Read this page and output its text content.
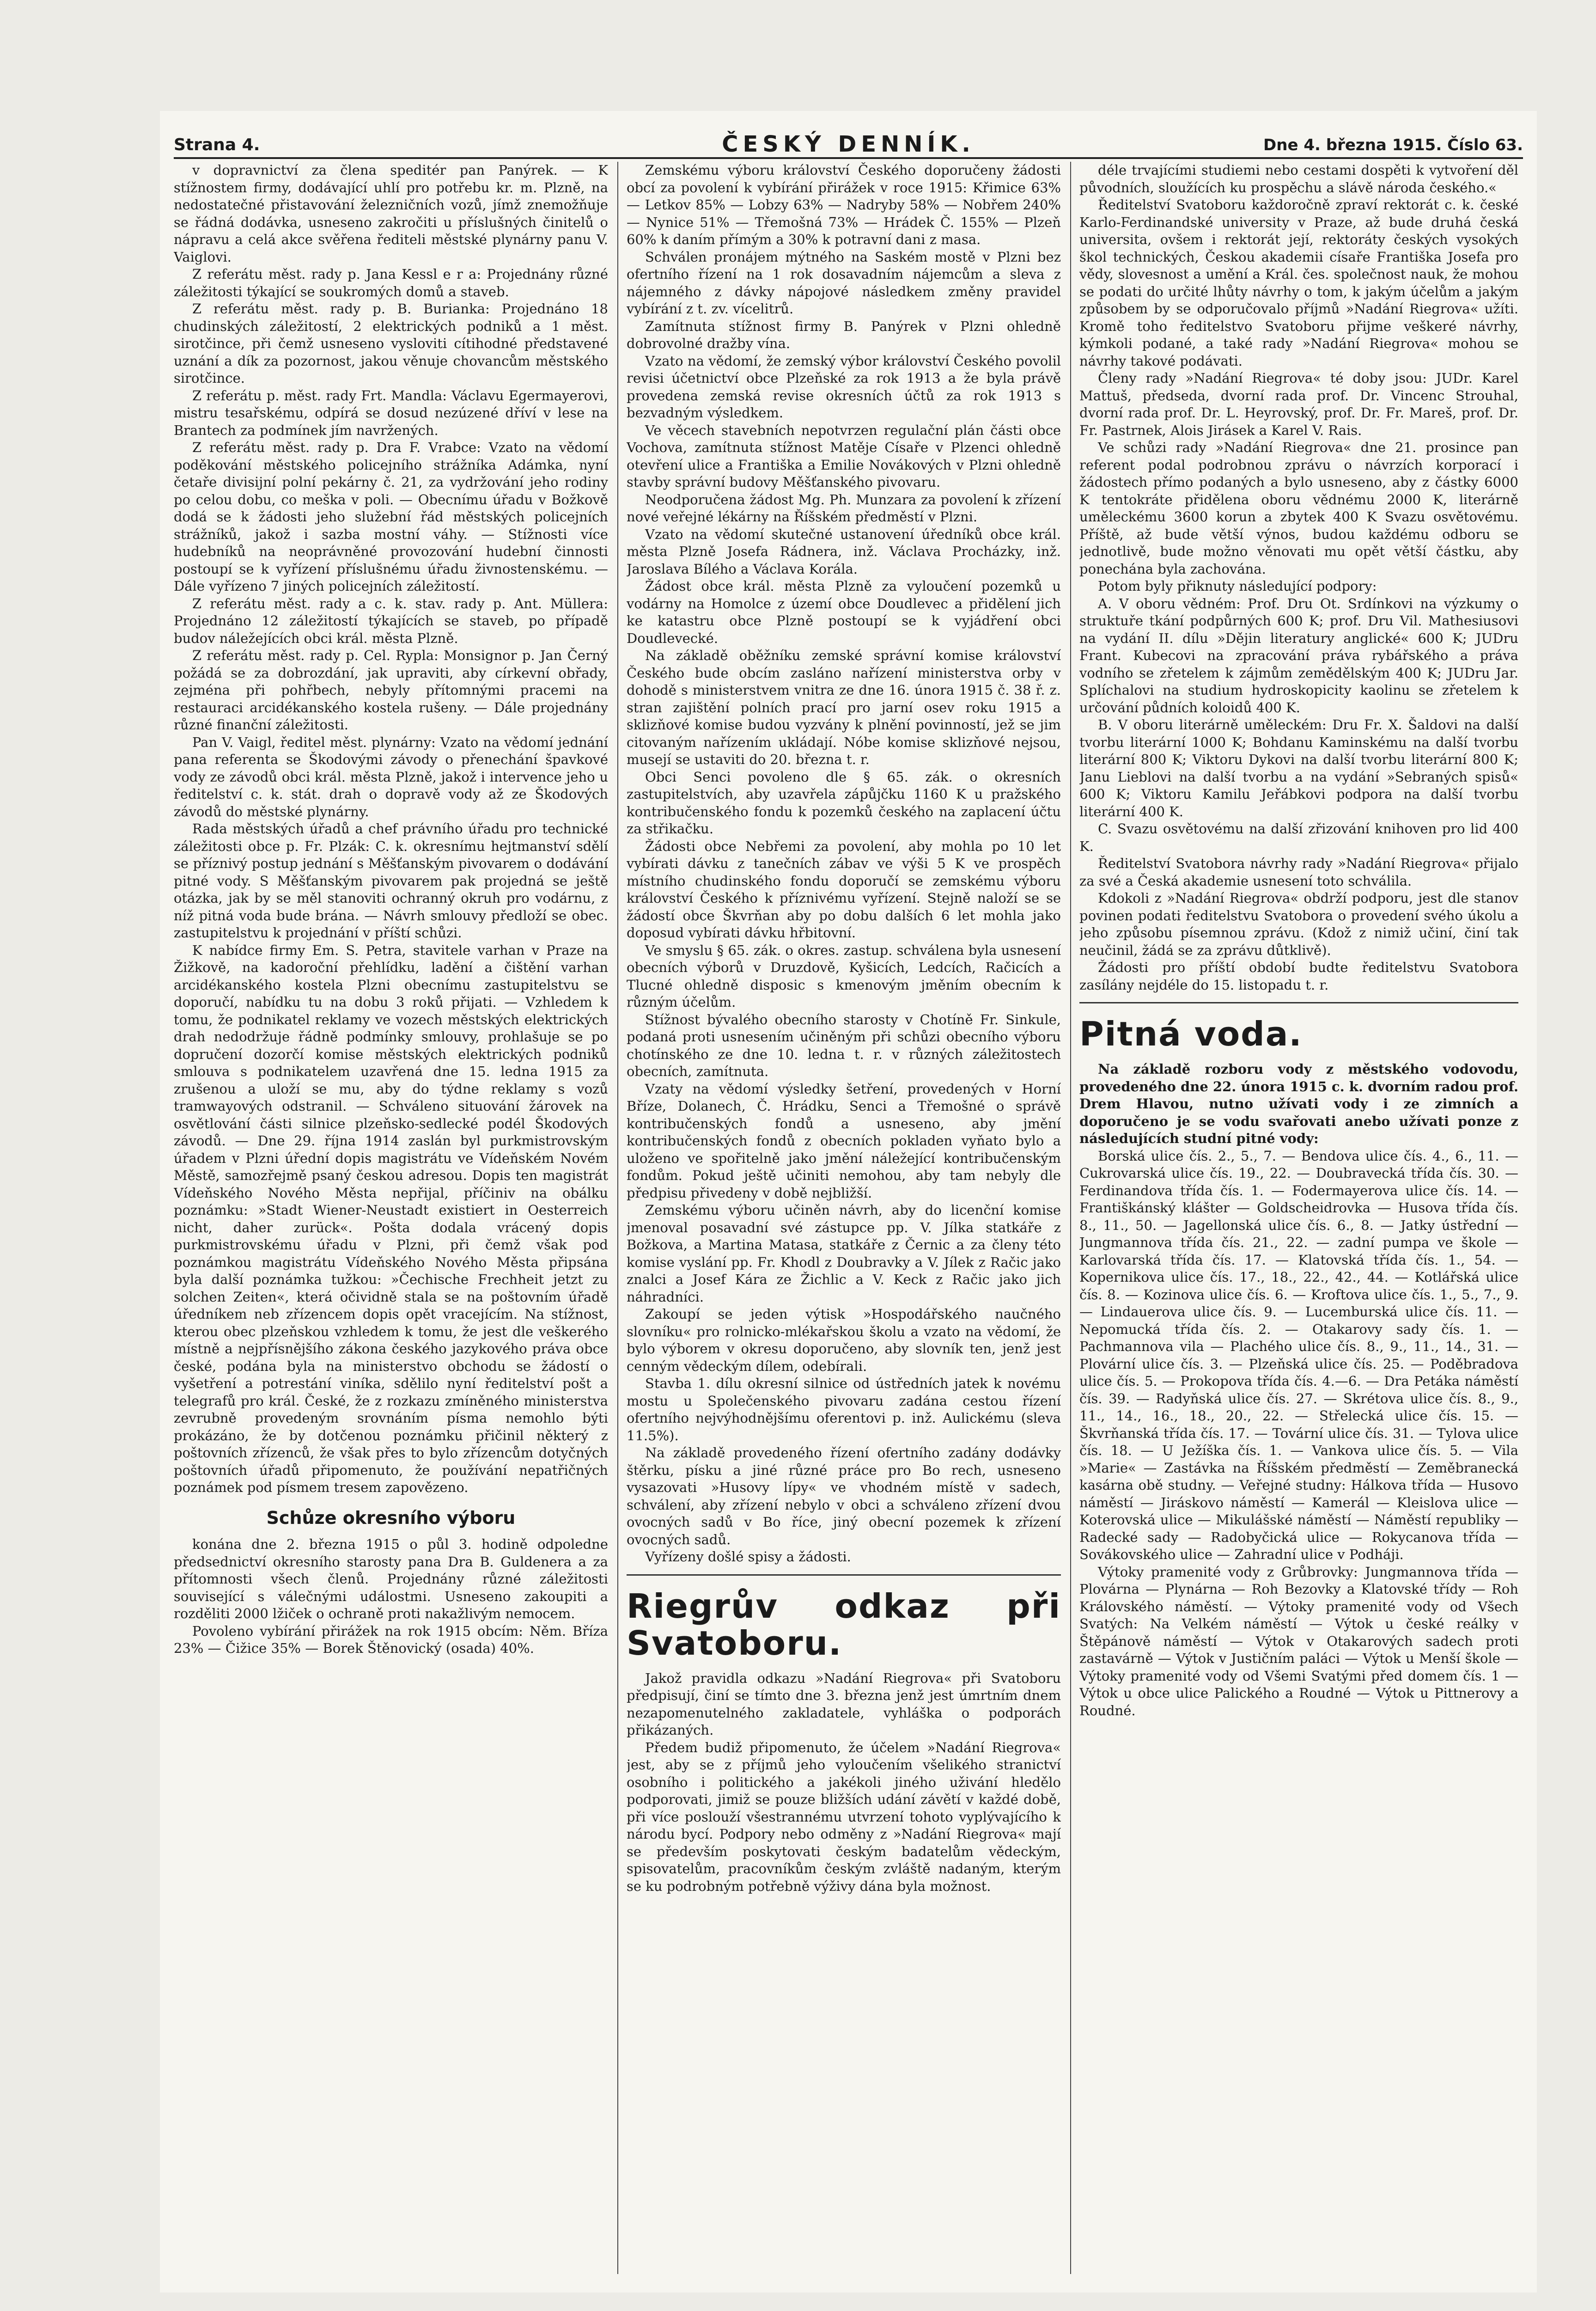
Strana 4.	ČESKÝ DENNÍK.	Dne 4. března 1915. Číslo 63.

v dopravnictví za člena speditér pan Panýrek. — K stížnostem firmy, dodávající uhlí pro potřebu kr. m. Plzně, na nedostatečné přistavování železničních vozů, jímž znemožňuje se řádná dodávka, usneseno zakročiti u příslušných činitelů o nápravu a celá akce svěřena řediteli městské plynárny panu V. Vaiglovi.

Z referátu měst. rady p. Jana Kessl e r a: Projednány různé záležitosti týkající se soukromých domů a staveb.

Z referátu měst. rady p. B. Burianka: Projednáno 18 chudinských záležitostí, 2 elektrických podniků a 1 měst. sirotčince, při čemž usneseno vysloviti cítihodné představené uznání a dík za pozornost, jakou věnuje chovancům městského sirotčince.

Z referátu p. měst. rady Frt. Mandla: Václavu Egermayerovi, mistru tesařskému, odpírá se dosud nezúzené dříví v lese na Brantech za podmínek jím navržených.

Z referátu měst. rady p. Dra F. Vrabce: Vzato na vědomí poděkování městského policejního strážníka Adámka, nyní četaře divisijní polní pekárny č. 21, za vydržování jeho rodiny po celou dobu, co meška v poli. — Obecnímu úřadu v Božkově dodá se k žádosti jeho služební řád městských policejních strážníků, jakož i sazba mostní váhy. — Stížnosti více hudebníků na neoprávněné provozování hudební činnosti postoupí se k vyřízení příslušnému úřadu živnostenskému. — Dále vyřízeno 7 jiných policejních záležitostí.

Z referátu měst. rady a c. k. stav. rady p. Ant. Müllera: Projednáno 12 záležitostí týkajících se staveb, po případě budov náležejících obci král. města Plzně.

Z referátu měst. rady p. Cel. Rypla: Monsignor p. Jan Černý požádá se za dobrozdání, jak upraviti, aby církevní obřady, zejména při pohřbech, nebyly přítomnými pracemi na restauraci arcidékanského kostela rušeny. — Dále projednány různé finanční záležitosti.

Pan V. Vaigl, ředitel měst. plynárny: Vzato na vědomí jednání pana referenta se Škodovými závody o přenechání špavkové vody ze závodů obci král. města Plzně, jakož i intervence jeho u ředitelství c. k. stát. drah o dopravě vody až ze Škodových závodů do městské plynárny.

Rada městských úřadů a chef právního úřadu pro technické záležitosti obce p. Fr. Plzák: C. k. okresnímu hejtmanství sdělí se příznivý postup jednání s Měšťanským pivovarem o dodávání pitné vody. S Měšťanským pivovarem pak projedná se ještě otázka, jak by se měl stanoviti ochranný okruh pro vodárnu, z níž pitná voda bude brána. — Návrh smlouvy předloží se obec. zastupitelstvu k projednání v příští schůzi.

K nabídce firmy Em. S. Petra, stavitele varhan v Praze na Žižkově, na kadoroční přehlídku, ladění a čištění varhan arcidékanského kostela Plzni obecnímu zastupitelstvu se doporučí, nabídku tu na dobu 3 roků přijati. — Vzhledem k tomu, že podnikatel reklamy ve vozech městských elektrických drah nedodržuje řádně podmínky smlouvy, prohlašuje se po dopručení dozorčí komise městských elektrických podniků smlouva s podnikatelem uzavřená dne 15. ledna 1915 za zrušenou a uloží se mu, aby do týdne reklamy s vozů tramwayových odstranil. — Schváleno situování žárovek na osvětlování části silnice plzeňsko-sedlecké podél Škodových závodů. — Dne 29. října 1914 zaslán byl purkmistrovským úřadem v Plzni úřední dopis magistrátu ve Vídeňském Novém Městě, samozřejmě psaný českou adresou. Dopis ten magistrát Vídeňského Nového Města nepřijal, příčiniv na obálku poznámku: »Stadt Wiener-Neustadt existiert in Oesterreich nicht, daher zurück«. Pošta dodala vrácený dopis purkmistrovskému úřadu v Plzni, při čemž však pod poznámkou magistrátu Vídeňského Nového Města připsána byla další poznámka tužkou: »Čechische Frechheit jetzt zu solchen Zeiten«, která očividně stala se na poštovním úřadě úředníkem neb zřízencem dopis opět vracejícím. Na stížnost, kterou obec plzeňskou vzhledem k tomu, že jest dle veškerého místně a nejpřísnějšího zákona českého jazykového práva obce české, podána byla na ministerstvo obchodu se žádostí o vyšetření a potrestání viníka, sdělilo nyní ředitelství pošt a telegrafů pro král. České, že z rozkazu zmíněného ministerstva zevrubně provedeným srovnáním písma nemohlo býti prokázáno, že by dotčenou poznámku přičinil některý z poštovních zřízenců, že však přes to bylo zřízencům dotyčných poštovních úřadů připomenuto, že používání nepatřičných poznámek pod písmem tresem zapovězeno.

Schůze okresního výboru

konána dne 2. března 1915 o půl 3. hodině odpoledne předsednictví okresního starosty pana Dra B. Guldenera a za přítomnosti všech členů. Projednány různé záležitosti související s válečnými událostmi. Usneseno zakoupiti a rozděliti 2000 lžiček o ochraně proti nakažlivým nemocem.

Povoleno vybírání přirážek na rok 1915 obcím: Něm. Bříza 23% — Čižice 35% — Borek Štěnovický (osada) 40%.

Zemskému výboru království Českého doporučeny žádosti obcí za povolení k vybírání přirážek v roce 1915: Křimice 63% — Letkov 85% — Lobzy 63% — Nadryby 58% — Nobřem 240% — Nynice 51% — Třemošná 73% — Hrádek Č. 155% — Plzeň 60% k daním přímým a 30% k potravní dani z masa.

Schválen pronájem mýtného na Saském mostě v Plzni bez ofertního řízení na 1 rok dosavadním nájemcům a sleva z nájemného z dávky nápojové následkem změny pravidel vybírání z t. zv. vícelitrů.

Zamítnuta stížnost firmy B. Panýrek v Plzni ohledně dobrovolné dražby vína.

Vzato na vědomí, že zemský výbor království Českého povolil revisi účetnictví obce Plzeňské za rok 1913 a že byla právě provedena zemská revise okresních účtů za rok 1913 s bezvadným výsledkem.

Ve věcech stavebních nepotvrzen regulační plán části obce Vochova, zamítnuta stížnost Matěje Císaře v Plzenci ohledně otevření ulice a Františka a Emilie Novákových v Plzni ohledně stavby správní budovy Měšťanského pivovaru.

Neodporučena žádost Mg. Ph. Munzara za povolení k zřízení nové veřejné lékárny na Říšském předměstí v Plzni.

Vzato na vědomí skutečné ustanovení úředníků obce král. města Plzně Josefa Rádnera, inž. Václava Procházky, inž. Jaroslava Bílého a Václava Korála.

Žádost obce král. města Plzně za vyloučení pozemků u vodárny na Homolce z území obce Doudlevec a přidělení jich ke katastru obce Plzně postoupí se k vyjádření obci Doudlevecké.

Na základě oběžníku zemské správní komise království Českého bude obcím zasláno nařízení ministerstva orby v dohodě s ministerstvem vnitra ze dne 16. února 1915 č. 38 ř. z. stran zajištění polních prací pro jarní osev roku 1915 a sklizňové komise budou vyzvány k plnění povinností, jež se jim citovaným nařízením ukládají. Nóbe komise sklizňové nejsou, musejí se ustaviti do 20. března t. r.

Obci Senci povoleno dle § 65. zák. o okresních zastupitelstvích, aby uzavřela zápůjčku 1160 K u pražského kontribučenského fondu k pozemků českého na zaplacení účtu za střikačku.

Žádosti obce Nebřemi za povolení, aby mohla po 10 let vybírati dávku z tanečních zábav ve výši 5 K ve prospěch místního chudinského fondu doporučí se zemskému výboru království Českého k příznivému vyřízení. Stejně naloží se se žádostí obce Škvrňan aby po dobu dalších 6 let mohla jako doposud vybírati dávku hřbitovní.

Ve smyslu § 65. zák. o okres. zastup. schválena byla usnesení obecních výborů v Druzdově, Kyšicích, Ledcích, Račicích a Tlucné ohledně disposic s kmenovým jměním obecním k různým účelům.

Stížnost bývalého obecního starosty v Chotíně Fr. Sinkule, podaná proti usnesením učiněným při schůzi obecního výboru chotínského ze dne 10. ledna t. r. v různých záležitostech obecních, zamítnuta.

Vzaty na vědomí výsledky šetření, provedených v Horní Bříze, Dolanech, Č. Hrádku, Senci a Třemošné o správě kontribučenských fondů a usneseno, aby jmění kontribučenských fondů z obecních pokladen vyňato bylo a uloženo ve spořitelně jako jmění náležející kontribučenským fondům. Pokud ještě učiniti nemohou, aby tam nebyly dle předpisu přivedeny v době nejbližší.

Zemskému výboru učiněn návrh, aby do licenční komise jmenoval posavadní své zástupce pp. V. Jílka statkáře z Božkova, a Martina Matasa, statkáře z Černic a za členy této komise vyslání pp. Fr. Khodl z Doubravky a V. Jílek z Račic jako znalci a Josef Kára ze Žichlic a V. Keck z Račic jako jich náhradníci.

Zakoupí se jeden výtisk »Hospodářského naučného slovníku« pro rolnicko-mlékařskou školu a vzato na vědomí, že bylo výborem v okresu doporučeno, aby slovník ten, jenž jest cenným vědeckým dílem, odebírali.

Stavba 1. dílu okresní silnice od ústředních jatek k novému mostu u Společenského pivovaru zadána cestou řízení ofertního nejvýhodnějšímu oferentovi p. inž. Aulickému (sleva 11.5%).

Na základě provedeného řízení ofertního zadány dodávky štěrku, písku a jiné různé práce pro Bo rech, usneseno vysazovati »Husovy lípy« ve vhodném místě v sadech, schválení, aby zřízení nebylo v obci a schváleno zřízení dvou ovocných sadů v Bo říce, jiný obecní pozemek k zřízení ovocných sadů.

Vyřízeny došlé spisy a žádosti.

Riegrův odkaz při Svatoboru.

Jakož pravidla odkazu »Nadání Riegrova« při Svatoboru předpisují, činí se tímto dne 3. března jenž jest úmrtním dnem nezapomenutelného zakladatele, vyhláška o podporách přikázaných.

Předem budiž připomenuto, že účelem »Nadání Riegrova« jest, aby se z příjmů jeho vyloučením všelikého stranictví osobního i politického a jakékoli jiného uživání hledělo podporovati, jimiž se pouze bližších udání závětí v každé době, při více poslouží všestrannému utvrzení tohoto vyplývajícího k národu bycí. Podpory nebo odměny z »Nadání Riegrova« mají se především poskytovati českým badatelům vědeckým, spisovatelům, pracovníkům českým zvláště nadaným, kterým se ku podrobným potřebně výživy dána byla možnost.

déle trvajícími studiemi nebo cestami dospěti k vytvoření děl původních, sloužících ku prospěchu a slávě národa českého.«

Ředitelství Svatoboru každoročně zpraví rektorát c. k. české Karlo-Ferdinandské university v Praze, až bude druhá česká universita, ovšem i rektorát její, rektoráty českých vysokých škol technických, Českou akademii císaře Františka Josefa pro vědy, slovesnost a umění a Král. čes. společnost nauk, že mohou se podati do určité lhůty návrhy o tom, k jakým účelům a jakým způsobem by se odporučovalo příjmů »Nadání Riegrova« užíti. Kromě toho ředitelstvo Svatoboru přijme veškeré návrhy, kýmkoli podané, a také rady »Nadání Riegrova« mohou se návrhy takové podávati.

Členy rady »Nadání Riegrova« té doby jsou: JUDr. Karel Mattuš, předseda, dvorní rada prof. Dr. Vincenc Strouhal, dvorní rada prof. Dr. L. Heyrovský, prof. Dr. Fr. Mareš, prof. Dr. Fr. Pastrnek, Alois Jirásek a Karel V. Rais.

Ve schůzi rady »Nadání Riegrova« dne 21. prosince pan referent podal podrobnou zprávu o návrzích korporací i žádostech přímo podaných a bylo usneseno, aby z částky 6000 K tentokráte přidělena oboru vědnému 2000 K, literárně uměleckému 3600 korun a zbytek 400 K Svazu osvětovému. Příště, až bude větší výnos, budou každému odboru se jednotlivě, bude možno věnovati mu opět větší částku, aby ponechána byla zachována.

Potom byly přiknuty následující podpory:

A. V oboru vědném: Prof. Dru Ot. Srdínkovi na výzkumy o struktuře tkání podpůrných 600 K; prof. Dru Vil. Mathesiusovi na vydání II. dílu »Dějin literatury anglické« 600 K; JUDru Frant. Kubecovi na zpracování práva rybářského a práva vodního se zřetelem k zájmům zemědělským 400 K; JUDru Jar. Splíchalovi na studium hydroskopicity kaolinu se zřetelem k určování půdních koloidů 400 K.

B. V oboru literárně uměleckém: Dru Fr. X. Šaldovi na další tvorbu literární 1000 K; Bohdanu Kaminskému na další tvorbu literární 800 K; Viktoru Dykovi na další tvorbu literární 800 K; Janu Lieblovi na další tvorbu a na vydání »Sebraných spisů« 600 K; Viktoru Kamilu Jeřábkovi podpora na další tvorbu literární 400 K.

C. Svazu osvětovému na další zřizování knihoven pro lid 400 K.

Ředitelství Svatobora návrhy rady »Nadání Riegrova« přijalo za své a Česká akademie usnesení toto schválila.

Kdokoli z »Nadání Riegrova« obdrží podporu, jest dle stanov povinen podati ředitelstvu Svatobora o provedení svého úkolu a jeho způsobu písemnou zprávu. (Kdož z nimiž učiní, činí tak neučinil, žádá se za zprávu důtklivě).

Žádosti pro příští období budte ředitelstvu Svatobora zasílány nejdéle do 15. listopadu t. r.

Pitná voda.

Na základě rozboru vody z městského vodovodu, provedeného dne 22. února 1915 c. k. dvorním radou prof. Drem Hlavou, nutno užívati vody i ze zimních a doporučeno je se vodu svařovati anebo užívati ponze z následujících studní pitné vody:

Borská ulice čís. 2., 5., 7. — Bendova ulice čís. 4., 6., 11. — Cukrovarská ulice čís. 19., 22. — Doubravecká třída čís. 30. — Ferdinandova třída čís. 1. — Fodermayerova ulice čís. 14. — Františkánský klášter — Goldscheidrovka — Husova třída čís. 8., 11., 50. — Jagellonská ulice čís. 6., 8. — Jatky ústřední — Jungmannova třída čís. 21., 22. — zadní pumpa ve škole — Karlovarská třída čís. 17. — Klatovská třída čís. 1., 54. — Kopernikova ulice čís. 17., 18., 22., 42., 44. — Kotlářská ulice čís. 8. — Kozinova ulice čís. 6. — Kroftova ulice čís. 1., 5., 7., 9. — Lindauerova ulice čís. 9. — Lucemburská ulice čís. 11. — Nepomucká třída čís. 2. — Otakarovy sady čís. 1. — Pachmannova vila — Plachého ulice čís. 8., 9., 11., 14., 31. — Plovární ulice čís. 3. — Plzeňská ulice čís. 25. — Poděbradova ulice čís. 5. — Prokopova třída čís. 4.—6. — Dra Petáka náměstí čís. 39. — Radyňská ulice čís. 27. — Skrétova ulice čís. 8., 9., 11., 14., 16., 18., 20., 22. — Střelecká ulice čís. 15. — Škvrňanská třída čís. 17. — Tovární ulice čís. 31. — Tylova ulice čís. 18. — U Ježíška čís. 1. — Vankova ulice čís. 5. — Vila »Marie« — Zastávka na Říšském předměstí — Zeměbranecká kasárna obě studny. — Veřejné studny: Hálkova třída — Husovo náměstí — Jiráskovo náměstí — Kamerál — Kleislova ulice — Koterovská ulice — Mikulášské náměstí — Náměstí republiky — Radecké sady — Radobyčická ulice — Rokycanova třída — Sovákovského ulice — Zahradní ulice v Podháji.

Výtoky pramenité vody z Grůbrovky: Jungmannova třída — Plovárna — Plynárna — Roh Bezovky a Klatovské třídy — Roh Královského náměstí. — Výtoky pramenité vody od Všech Svatých: Na Velkém náměstí — Výtok u české reálky v Štěpánově náměstí — Výtok v Otakarových sadech proti zastavárně — Výtok v Justičním paláci — Výtok u Menší škole — Výtoky pramenité vody od Všemi Svatými před domem čís. 1 — Výtok u obce ulice Palického a Roudné — Výtok u Pittnerovy a Roudné.
